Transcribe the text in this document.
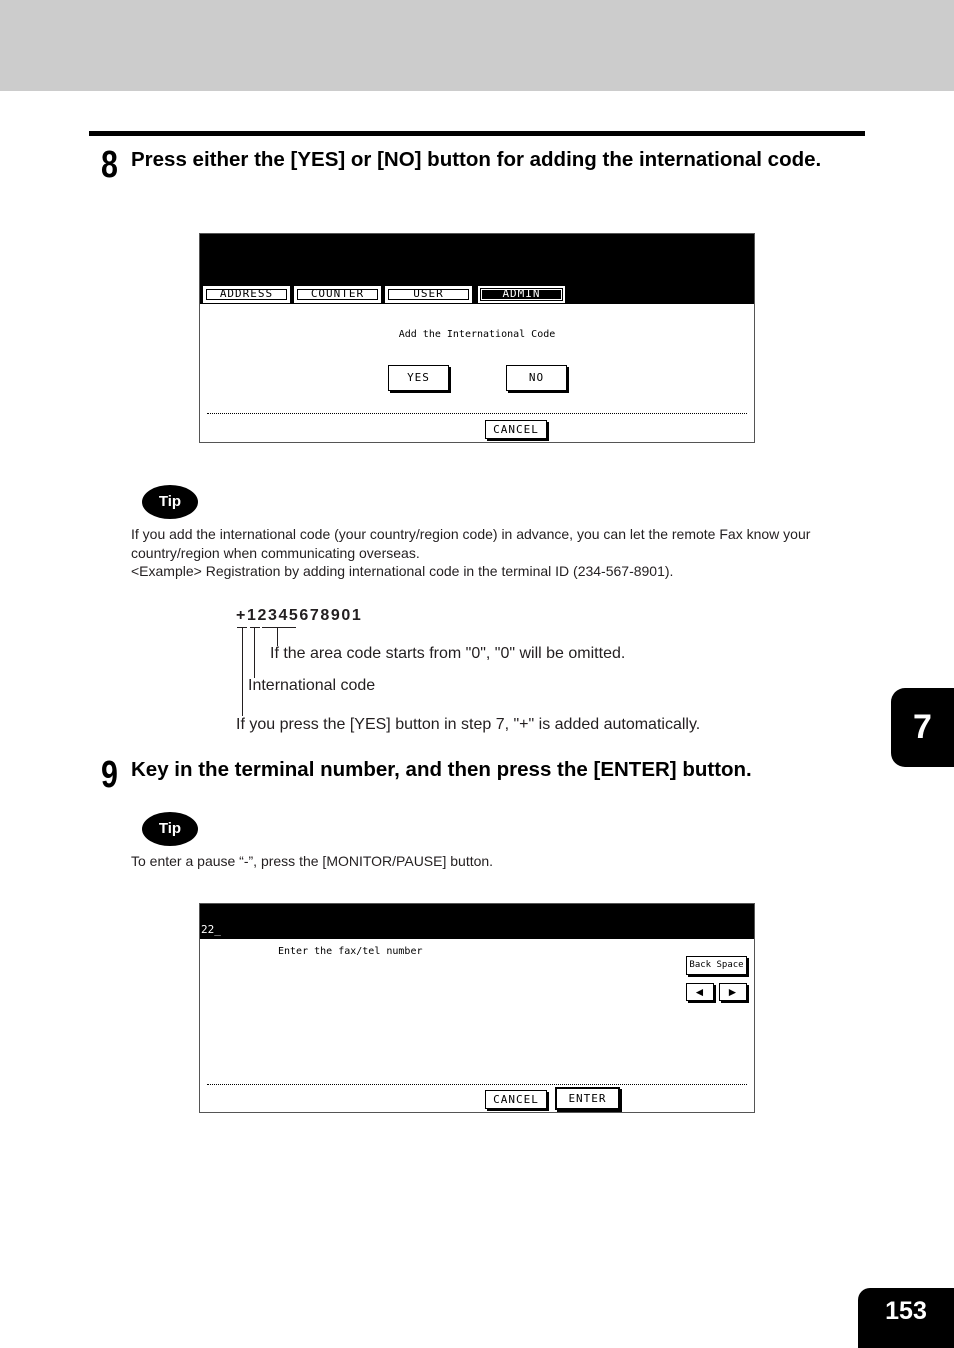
8 Press either the [YES] or [NO] button for adding the international code.
ADDRESS	COUNTER	USER	ADMIN
Add the International Code
YES	NO
CANCEL
Tip

If you add the international code (your country/region code) in advance, you can let the remote Fax know your country/region when communicating overseas.

<Example> Registration by adding international code in the terminal ID (234-567-8901).

+12345678901
If the area code starts from "0", "0" will be omitted.
International code
If you press the [YES] button in step 7, "+" is added automatically.
9 Key in the terminal number, and then press the [ENTER] button.
Tip
To enter a pause “-”, press the [MONITOR/PAUSE] button.
22_
Enter the fax/tel number
Back Space
◄	►
CANCEL	ENTER
7
153
